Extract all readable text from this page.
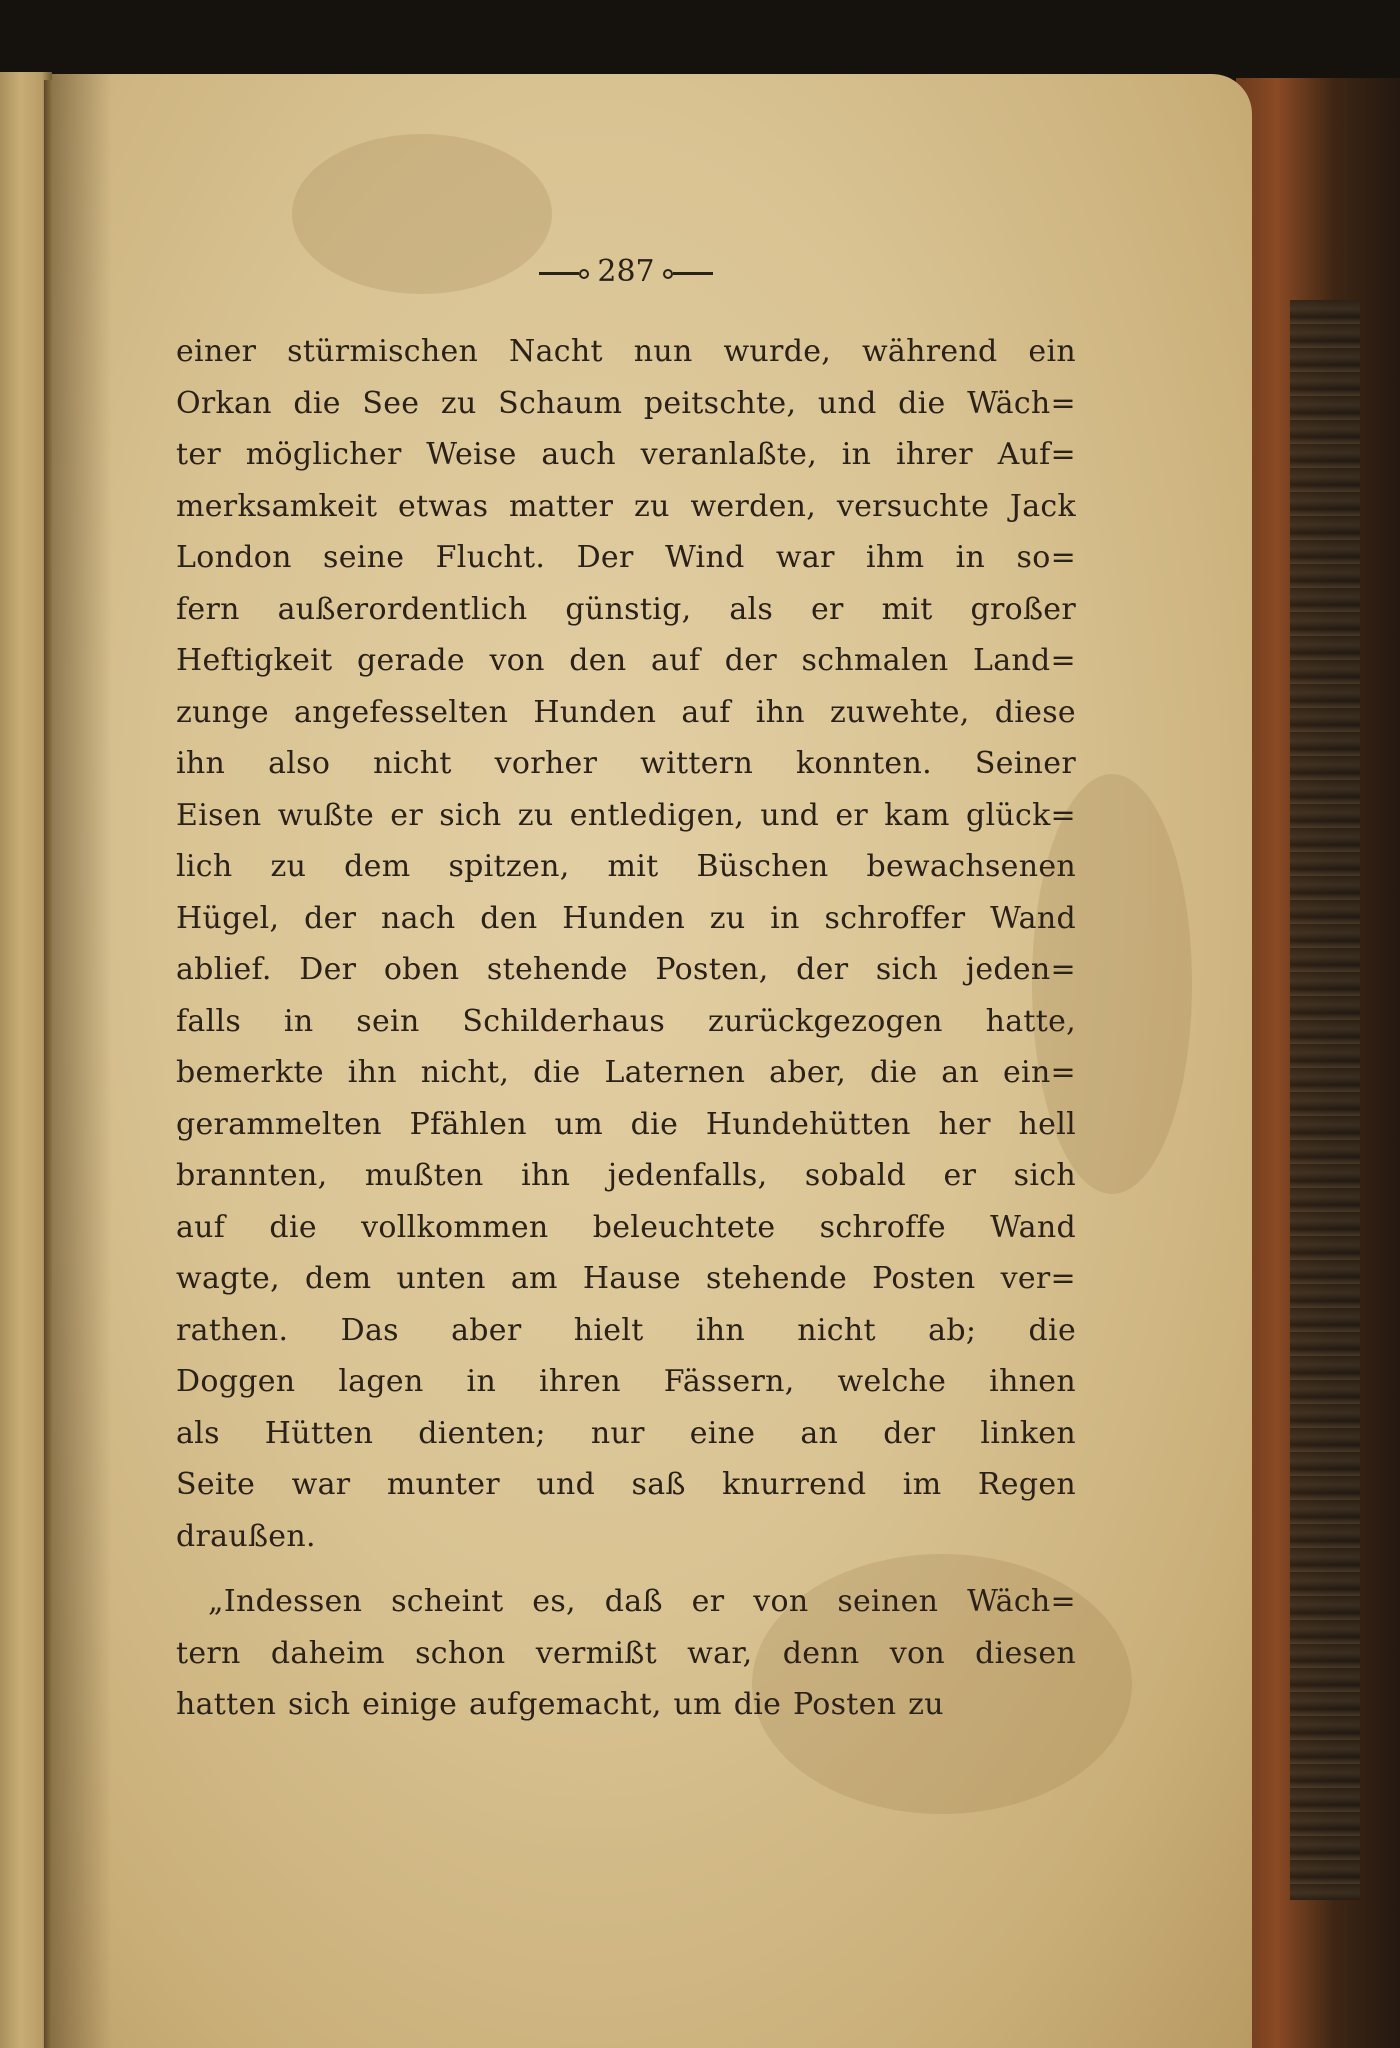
287
einer stürmischen Nacht nun wurde, während ein
Orkan die See zu Schaum peitschte, und die Wäch=
ter möglicher Weise auch veranlaßte, in ihrer Auf=
merksamkeit etwas matter zu werden, versuchte Jack
London seine Flucht. Der Wind war ihm in so=
fern außerordentlich günstig, als er mit großer
Heftigkeit gerade von den auf der schmalen Land=
zunge angefesselten Hunden auf ihn zuwehte, diese
ihn also nicht vorher wittern konnten. Seiner
Eisen wußte er sich zu entledigen, und er kam glück=
lich zu dem spitzen, mit Büschen bewachsenen
Hügel, der nach den Hunden zu in schroffer Wand
ablief. Der oben stehende Posten, der sich jeden=
falls in sein Schilderhaus zurückgezogen hatte,
bemerkte ihn nicht, die Laternen aber, die an ein=
gerammelten Pfählen um die Hundehütten her hell
brannten, mußten ihn jedenfalls, sobald er sich
auf die vollkommen beleuchtete schroffe Wand
wagte, dem unten am Hause stehende Posten ver=
rathen. Das aber hielt ihn nicht ab; die
Doggen lagen in ihren Fässern, welche ihnen
als Hütten dienten; nur eine an der linken
Seite war munter und saß knurrend im Regen
draußen.
„Indessen scheint es, daß er von seinen Wäch=
tern daheim schon vermißt war, denn von diesen
hatten sich einige aufgemacht, um die Posten zu
